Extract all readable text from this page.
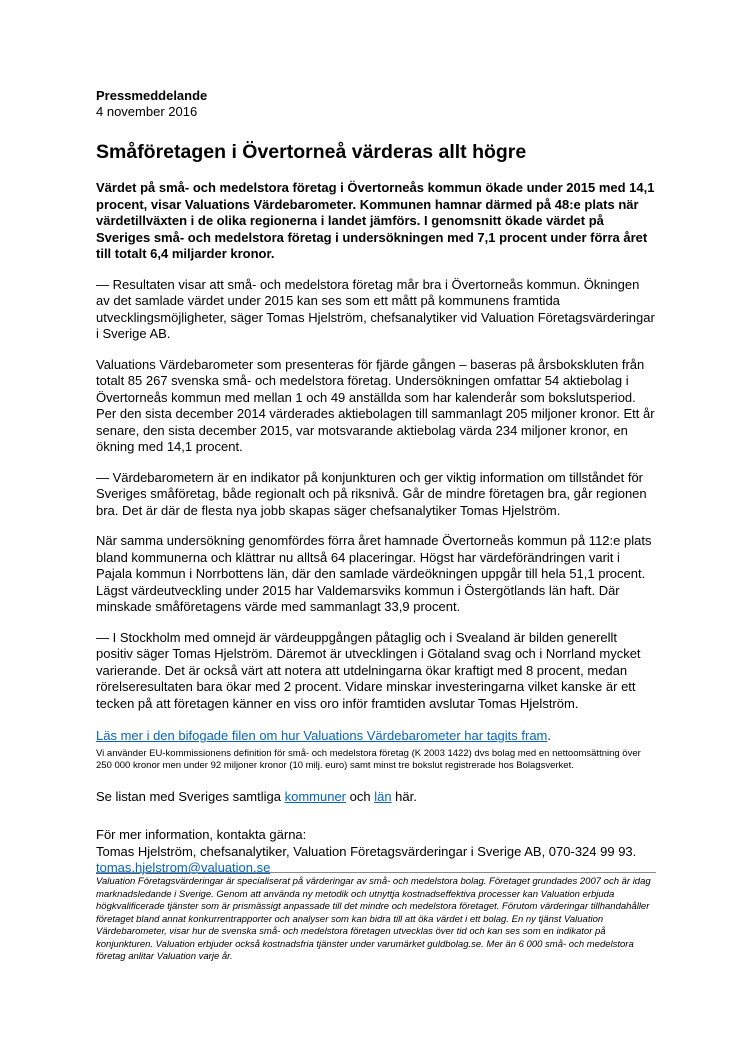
Pressmeddelande

4 november 2016

Småföretagen i Övertorneå värderas allt högre

Värdet på små- och medelstora företag i Övertorneås kommun ökade under 2015 med 14,1 procent, visar Valuations Värdebarometer. Kommunen hamnar därmed på 48:e plats när värdetillväxten i de olika regionerna i landet jämförs. I genomsnitt ökade värdet på Sveriges små- och medelstora företag i undersökningen med 7,1 procent under förra året till totalt 6,4 miljarder kronor.

— Resultaten visar att små- och medelstora företag mår bra i Övertorneås kommun. Ökningen av det samlade värdet under 2015 kan ses som ett mått på kommunens framtida utvecklingsmöjligheter, säger Tomas Hjelström, chefsanalytiker vid Valuation Företagsvärderingar i Sverige AB.

Valuations Värdebarometer som presenteras för fjärde gången – baseras på årsbokskluten från totalt 85 267 svenska små- och medelstora företag. Undersökningen omfattar 54 aktiebolag i Övertorneås kommun med mellan 1 och 49 anställda som har kalenderår som bokslutsperiod. Per den sista december 2014 värderades aktiebolagen till sammanlagt 205 miljoner kronor. Ett år senare, den sista december 2015, var motsvarande aktiebolag värda 234 miljoner kronor, en ökning med 14,1 procent.

— Värdebarometern är en indikator på konjunkturen och ger viktig information om tillståndet för Sveriges småföretag, både regionalt och på riksnivå. Går de mindre företagen bra, går regionen bra. Det är där de flesta nya jobb skapas säger chefsanalytiker Tomas Hjelström.

När samma undersökning genomfördes förra året hamnade Övertorneås kommun på 112:e plats bland kommunerna och klättrar nu alltså 64 placeringar. Högst har värdeförändringen varit i Pajala kommun i Norrbottens län, där den samlade värdeökningen uppgår till hela 51,1 procent. Lägst värdeutveckling under 2015 har Valdemarsviks kommun i Östergötlands län haft. Där minskade småföretagens värde med sammanlagt 33,9 procent.

— I Stockholm med omnejd är värdeuppgången påtaglig och i Svealand är bilden generellt positiv säger Tomas Hjelström. Däremot är utvecklingen i Götaland svag och i Norrland mycket varierande. Det är också värt att notera att utdelningarna ökar kraftigt med 8 procent, medan rörelseresultaten bara ökar med 2 procent. Vidare minskar investeringarna vilket kanske är ett tecken på att företagen känner en viss oro inför framtiden avslutar Tomas Hjelström.

Läs mer i den bifogade filen om hur Valuations Värdebarometer har tagits fram.

Vi använder EU-kommissionens definition för små- och medelstora företag (K 2003 1422) dvs bolag med en nettoomsättning över 250 000 kronor men under 92 miljoner kronor (10 milj. euro) samt minst tre bokslut registrerade hos Bolagsverket.

Se listan med Sveriges samtliga kommuner och län här.

För mer information, kontakta gärna:
Tomas Hjelström, chefsanalytiker, Valuation Företagsvärderingar i Sverige AB, 070-324 99 93.
tomas.hjelstrom@valuation.se

Valuation Företagsvärderingar är specialiserat på värderingar av små- och medelstora bolag. Företaget grundades 2007 och är idag marknadsledande i Sverige. Genom att använda ny metodik och utnyttja kostnadseffektiva processer kan Valuation erbjuda högkvalificerade tjänster som är prismässigt anpassade till det mindre och medelstora företaget. Förutom värderingar tillhandahåller företaget bland annat konkurrentrapporter och analyser som kan bidra till att öka värdet i ett bolag. En ny tjänst Valuation Värdebarometer, visar hur de svenska små- och medelstora företagen utvecklas över tid och kan ses som en indikator på konjunkturen. Valuation erbjuder också kostnadsfria tjänster under varumärket guldbolag.se. Mer än 6 000 små- och medelstora företag anlitar Valuation varje år.
